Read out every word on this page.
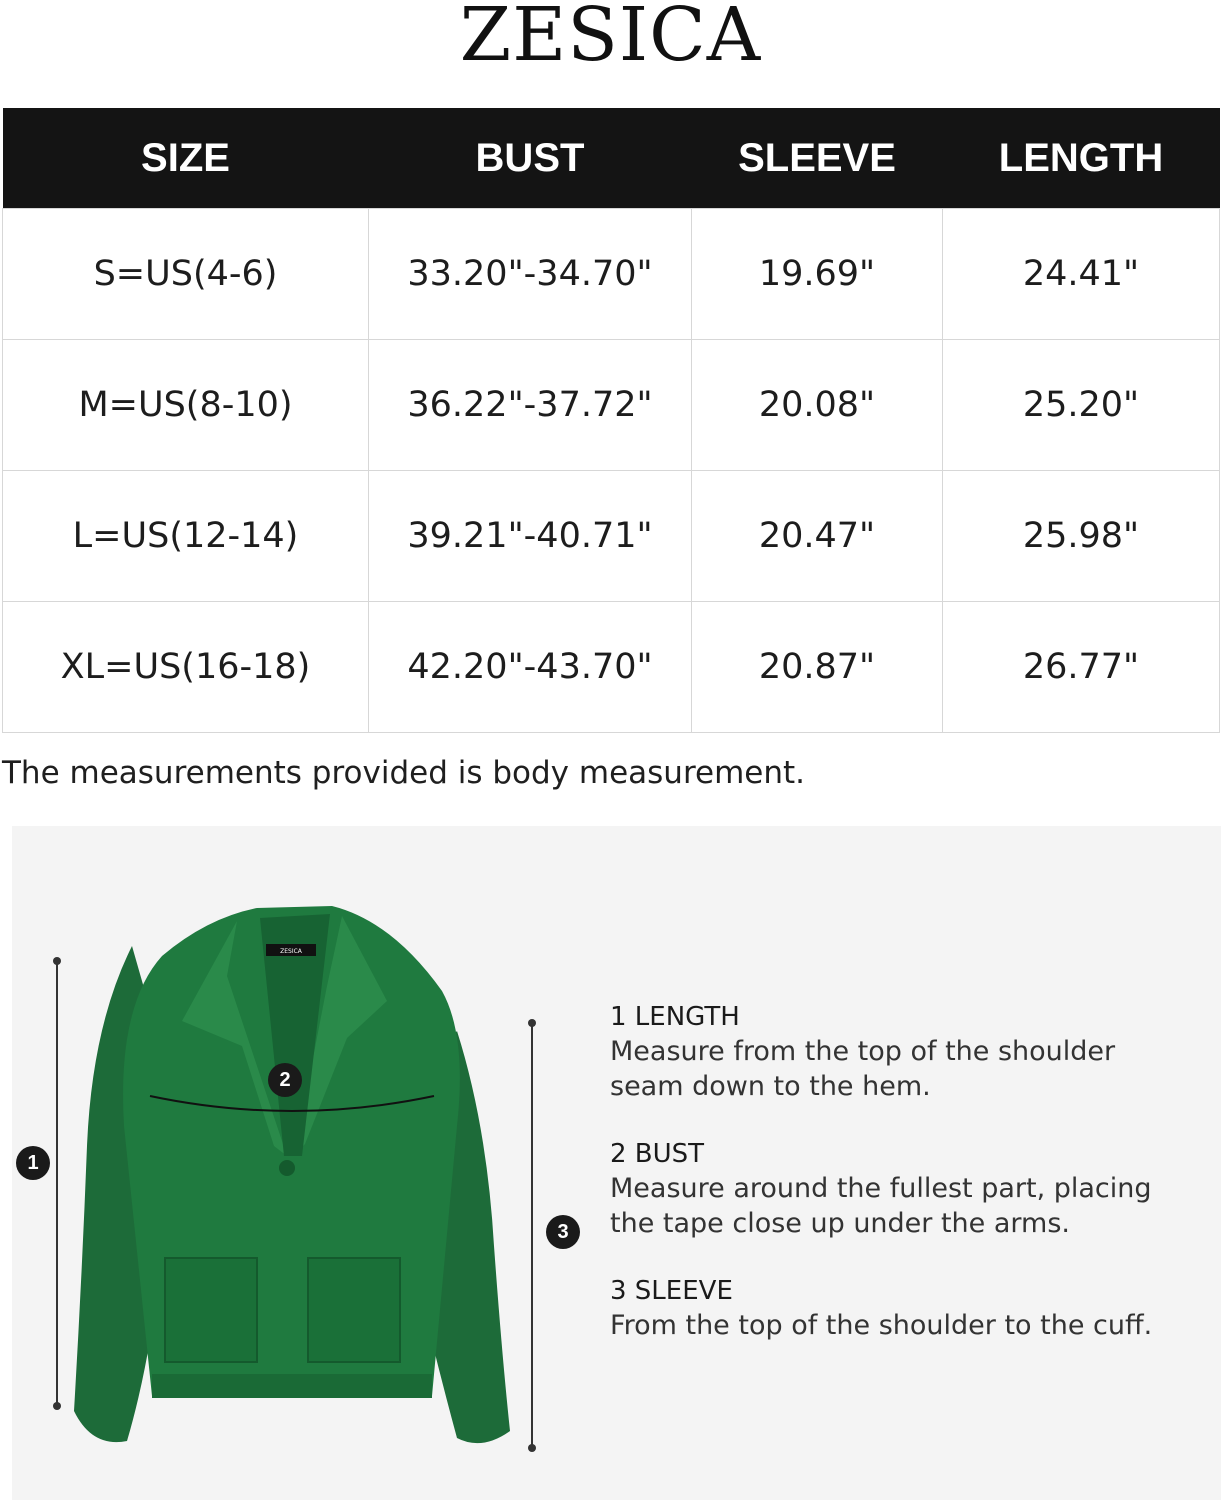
ZESICA
SIZE	BUST	SLEEVE	LENGTH
S=US(4-6)	33.20"-34.70"	19.69"	24.41"
M=US(8-10)	36.22"-37.72"	20.08"	25.20"
L=US(12-14)	39.21"-40.71"	20.47"	25.98"
XL=US(16-18)	42.20"-43.70"	20.87"	26.77"
The measurements provided is body measurement.
ZESICA
1
2
3
1 LENGTH
Measure from the top of the shoulder
seam down to the hem.
2 BUST
Measure around the fullest part, placing
the tape close up under the arms.
3 SLEEVE
From the top of the shoulder to the cuff.
